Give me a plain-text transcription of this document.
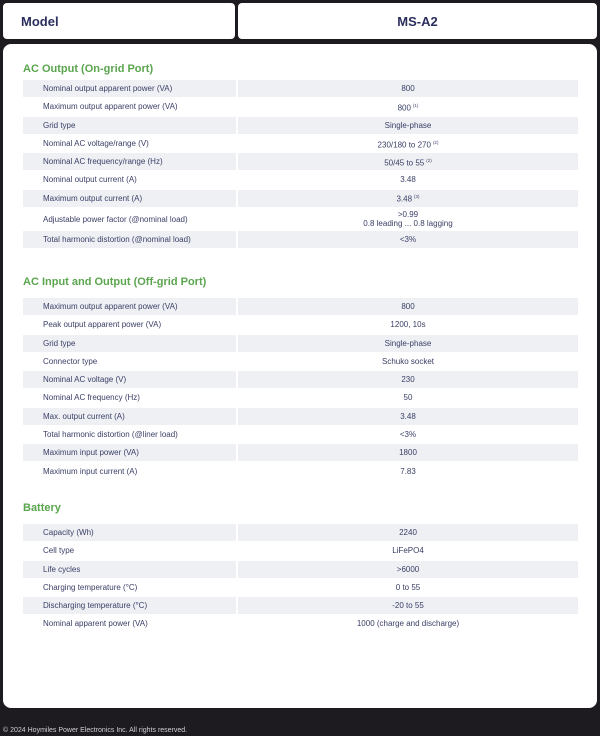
Model	MS-A2
AC Output (On-grid Port)
Nominal output apparent power (VA)	800
Maximum output apparent power (VA)	800 $^{(1)}$
Grid type	Single-phase
Nominal AC voltage/range (V)	230/180 to 270 $^{(2)}$
Nominal AC frequency/range (Hz)	50/45 to 55 $^{(2)}$
Nominal output current (A)	3.48
Maximum output current (A)	3.48 $^{(3)}$
Adjustable power factor (@nominal load)	>0.99
0.8 leading ... 0.8 lagging
Total harmonic distortion (@nominal load)	<3%
AC Input and Output (Off-grid Port)
Maximum output apparent power (VA)	800
Peak output apparent power (VA)	1200, 10s
Grid type	Single-phase
Connector type	Schuko socket
Nominal AC voltage (V)	230
Nominal AC frequency (Hz)	50
Max. output current (A)	3.48
Total harmonic distortion (@liner load)	<3%
Maximum input power (VA)	1800
Maximum input current (A)	7.83
Battery
Capacity (Wh)	2240
Cell type	LiFePO4
Life cycles	>6000
Charging temperature (°C)	0 to 55
Discharging temperature (°C)	-20 to 55
Nominal apparent power (VA)	1000 (charge and discharge)
© 2024 Hoymiles Power Electronics Inc. All rights reserved.
